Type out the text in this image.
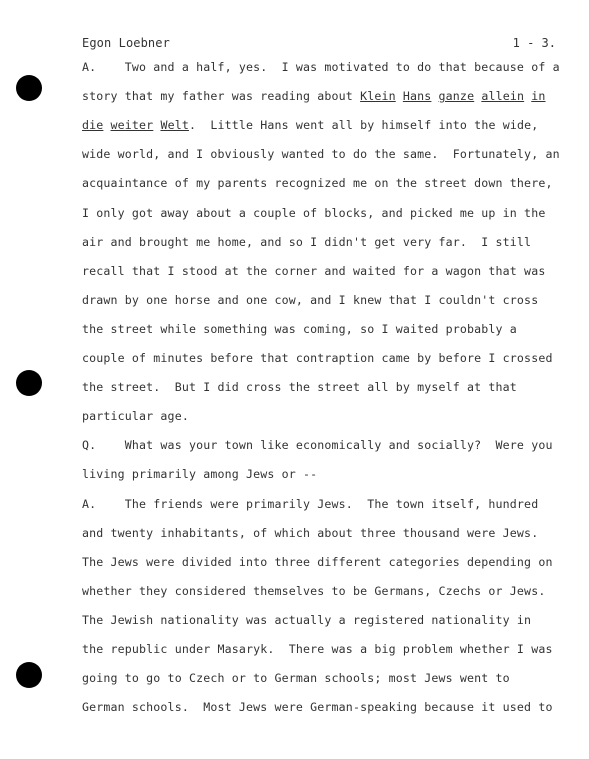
Egon Loebner	1 - 3.
A.    Two and a half, yes.  I was motivated to do that because of a
story that my father was reading about Klein Hans ganze allein in
die weiter Welt.  Little Hans went all by himself into the wide,
wide world, and I obviously wanted to do the same.  Fortunately, an
acquaintance of my parents recognized me on the street down there,
I only got away about a couple of blocks, and picked me up in the
air and brought me home, and so I didn't get very far.  I still
recall that I stood at the corner and waited for a wagon that was
drawn by one horse and one cow, and I knew that I couldn't cross
the street while something was coming, so I waited probably a
couple of minutes before that contraption came by before I crossed
the street.  But I did cross the street all by myself at that
particular age.
Q.    What was your town like economically and socially?  Were you
living primarily among Jews or --
A.    The friends were primarily Jews.  The town itself, hundred
and twenty inhabitants, of which about three thousand were Jews.
The Jews were divided into three different categories depending on
whether they considered themselves to be Germans, Czechs or Jews.
The Jewish nationality was actually a registered nationality in
the republic under Masaryk.  There was a big problem whether I was
going to go to Czech or to German schools; most Jews went to
German schools.  Most Jews were German-speaking because it used to
